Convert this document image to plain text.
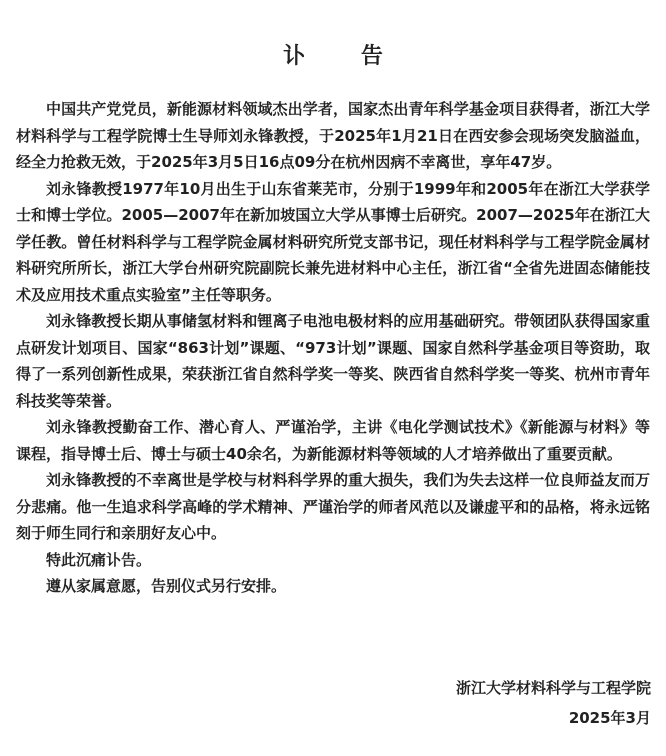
讣 告

中国共产党党员，新能源材料领域杰出学者，国家杰出青年科学基金项目获得者，浙江大学材料科学与工程学院博士生导师刘永锋教授，于2025年1月21日在西安参会现场突发脑溢血，经全力抢救无效，于2025年3月5日16点09分在杭州因病不幸离世，享年47岁。

刘永锋教授1977年10月出生于山东省莱芜市，分别于1999年和2005年在浙江大学获学士和博士学位。2005—2007年在新加坡国立大学从事博士后研究。2007—2025年在浙江大学任教。曾任材料科学与工程学院金属材料研究所党支部书记，现任材料科学与工程学院金属材料研究所所长，浙江大学台州研究院副院长兼先进材料中心主任，浙江省“全省先进固态储能技术及应用技术重点实验室”主任等职务。

刘永锋教授长期从事储氢材料和锂离子电池电极材料的应用基础研究。带领团队获得国家重点研发计划项目、国家“863计划”课题、“973计划”课题、国家自然科学基金项目等资助，取得了一系列创新性成果，荣获浙江省自然科学奖一等奖、陕西省自然科学奖一等奖、杭州市青年科技奖等荣誉。

刘永锋教授勤奋工作、潜心育人、严谨治学，主讲《电化学测试技术》《新能源与材料》等课程，指导博士后、博士与硕士40余名，为新能源材料等领域的人才培养做出了重要贡献。

刘永锋教授的不幸离世是学校与材料科学界的重大损失，我们为失去这样一位良师益友而万分悲痛。他一生追求科学高峰的学术精神、严谨治学的师者风范以及谦虚平和的品格，将永远铭刻于师生同行和亲朋好友心中。

特此沉痛讣告。

遵从家属意愿，告别仪式另行安排。

浙江大学材料科学与工程学院
2025年3月
